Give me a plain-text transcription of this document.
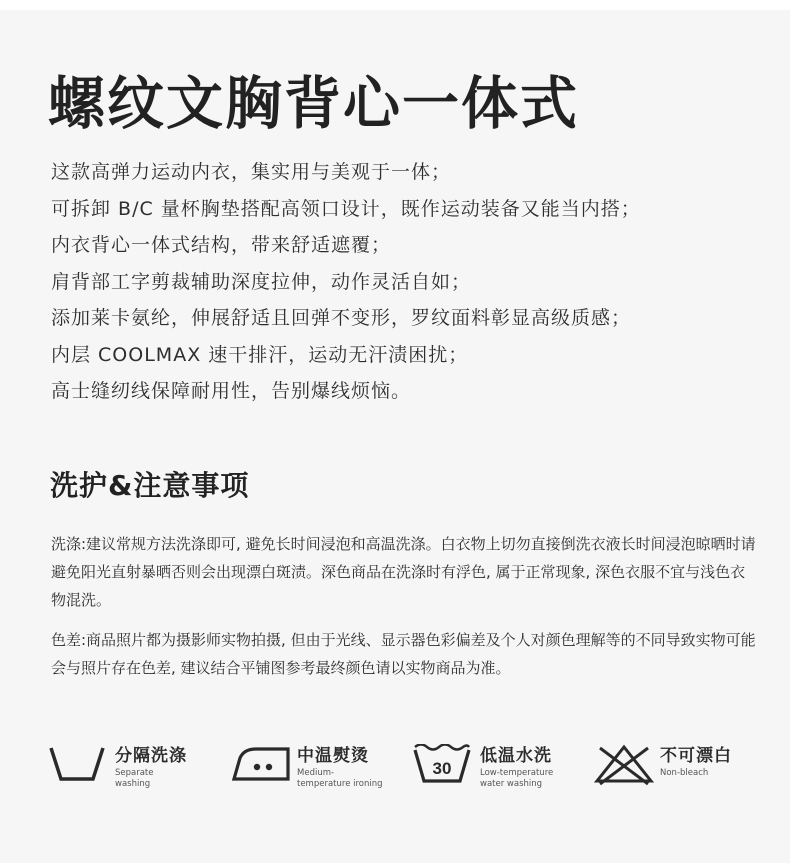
螺纹文胸背心一体式
这款高弹力运动内衣，集实用与美观于一体；
可拆卸 B/C 量杯胸垫搭配高领口设计，既作运动装备又能当内搭；
内衣背心一体式结构，带来舒适遮覆；
肩背部工字剪裁辅助深度拉伸，动作灵活自如；
添加莱卡氨纶，伸展舒适且回弹不变形，罗纹面料彰显高级质感；
内层 COOLMAX 速干排汗，运动无汗渍困扰；
高士缝纫线保障耐用性，告别爆线烦恼。
洗护&注意事项

洗涤:建议常规方法洗涤即可, 避免长时间浸泡和高温洗涤。白衣物上切勿直接倒洗衣液长时间浸泡晾晒时请避免阳光直射暴晒否则会出现漂白斑渍。深色商品在洗涤时有浮色, 属于正常现象, 深色衣服不宜与浅色衣物混洗。

色差:商品照片都为摄影师实物拍摄, 但由于光线、显示器色彩偏差及个人对颜色理解等的不同导致实物可能会与照片存在色差, 建议结合平铺图参考最终颜色请以实物商品为准。

分隔洗涤
Separate
washing
中温熨烫
Medium-
temperature ironing
30
低温水洗
Low-temperature
water washing
不可漂白
Non-bleach
